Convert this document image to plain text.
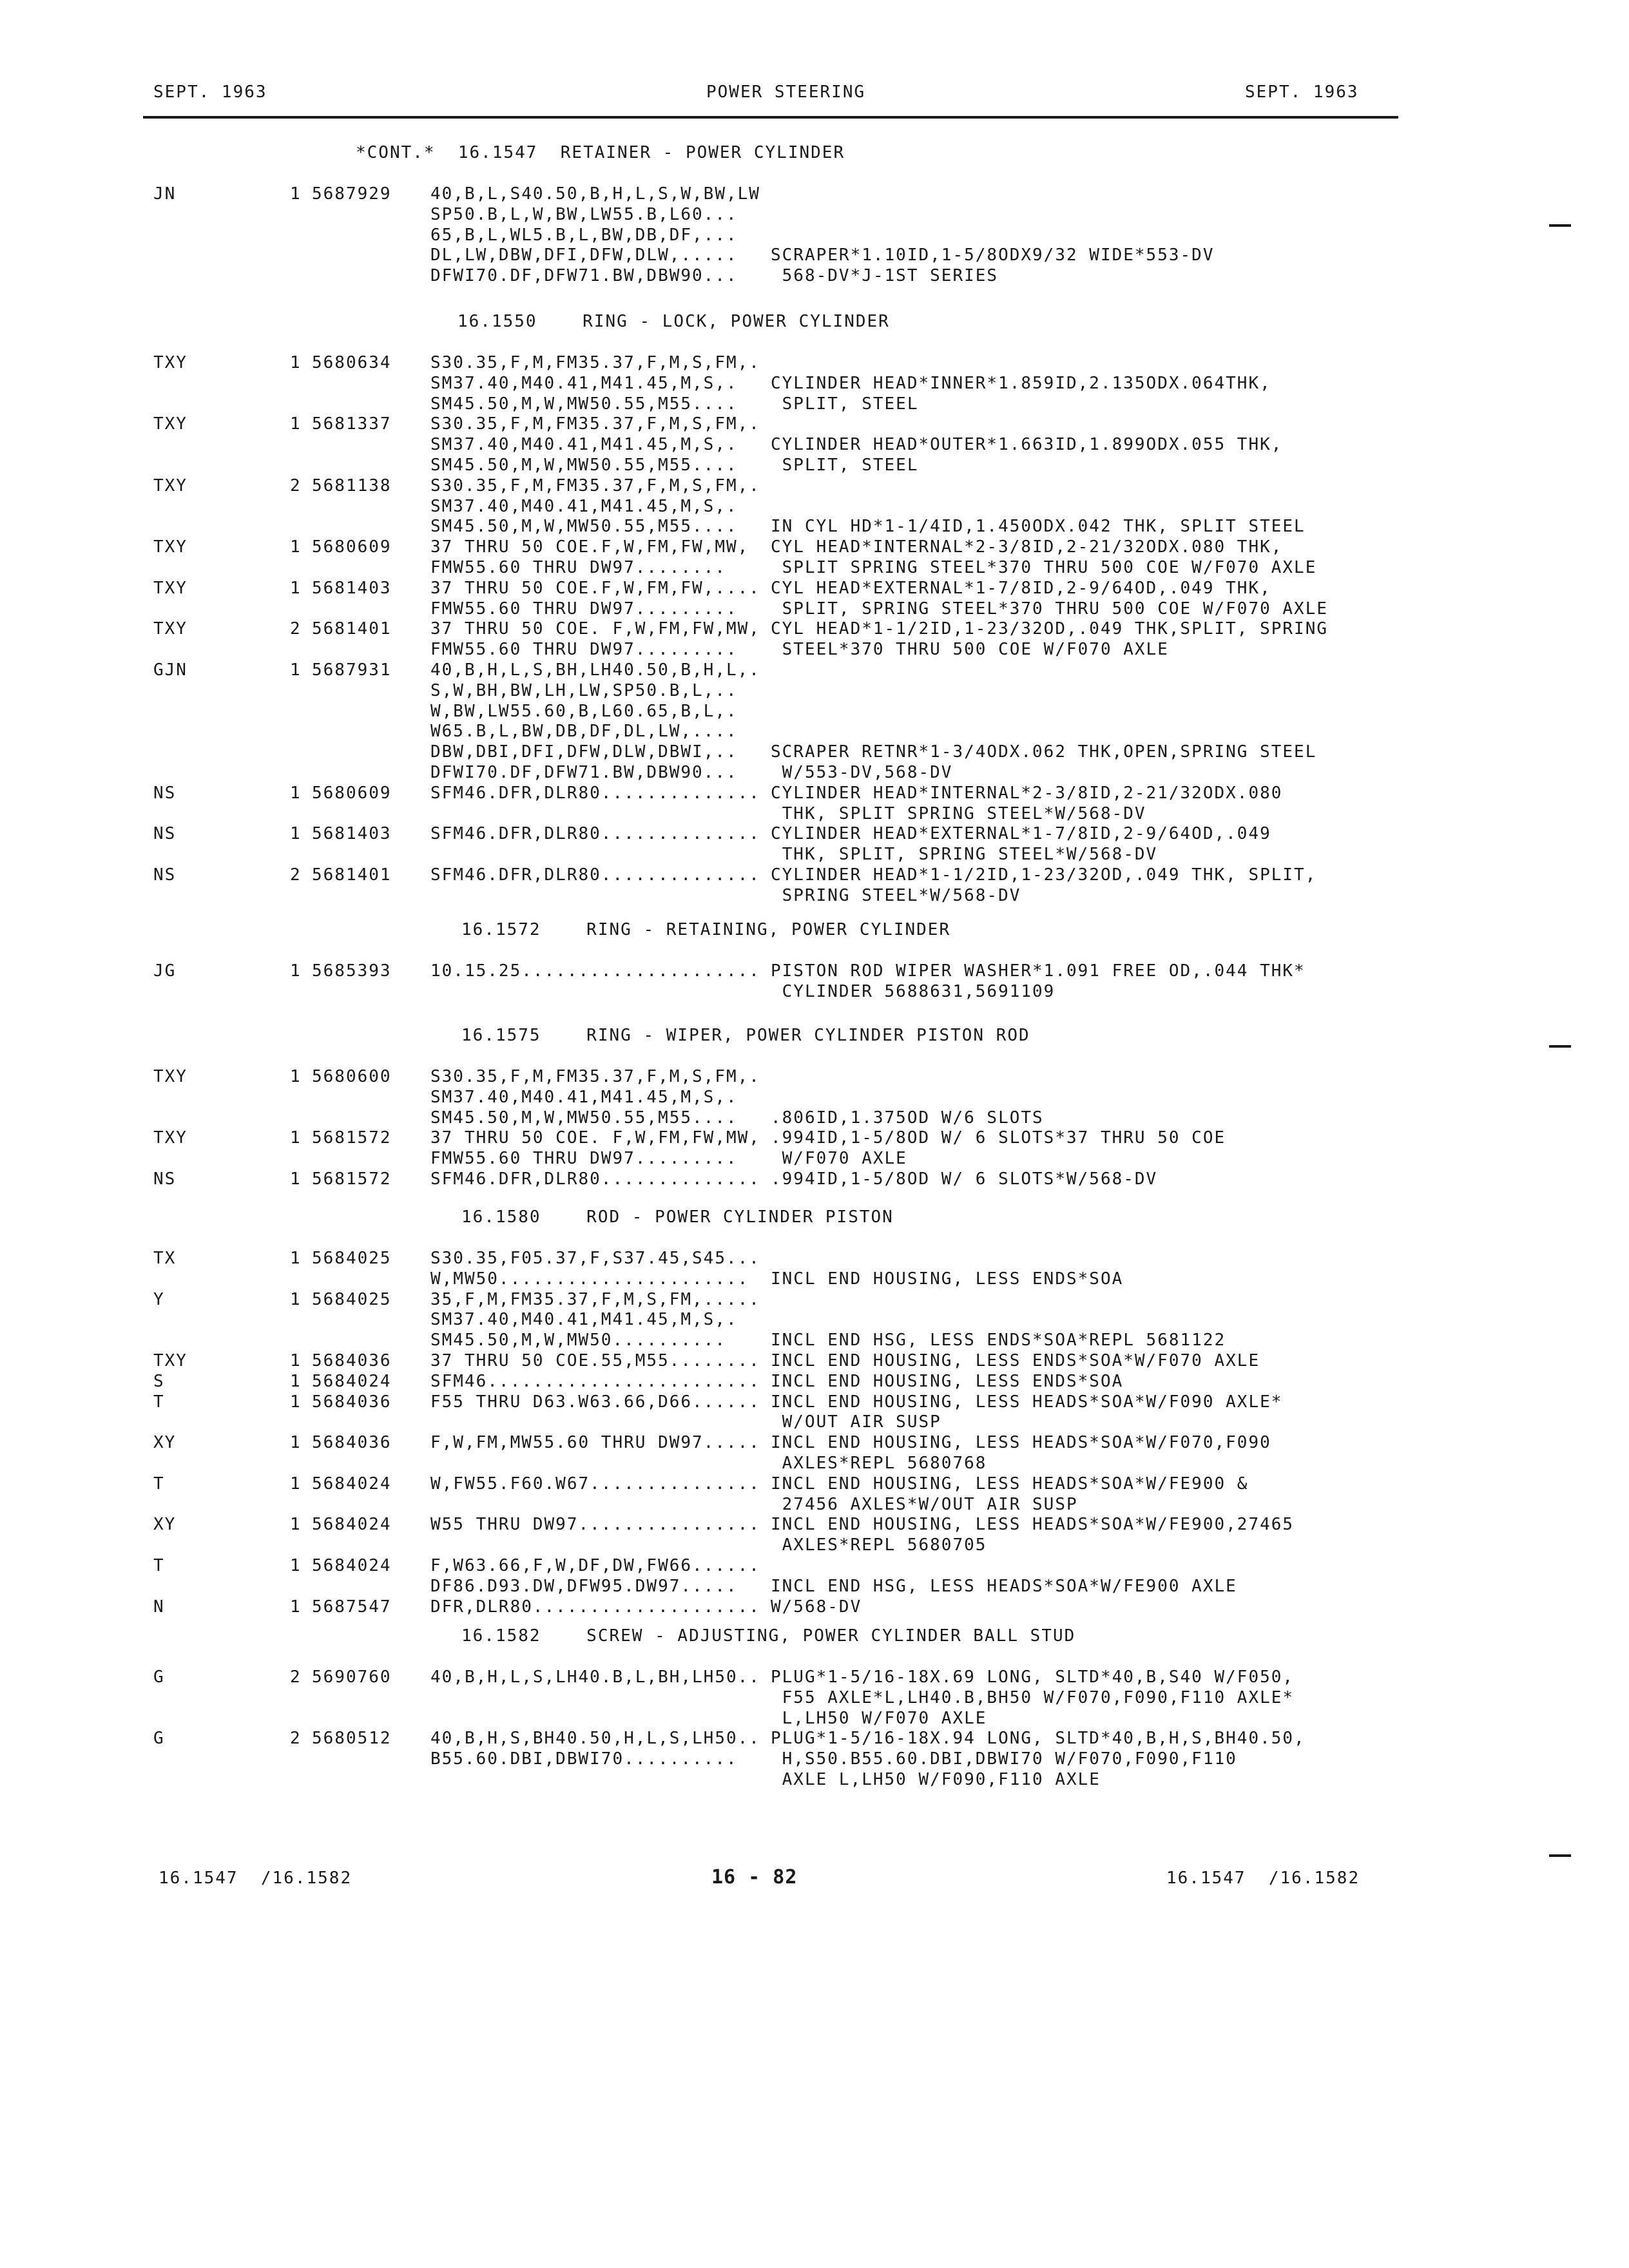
SEPT. 1963	POWER STEERING	SEPT. 1963
*CONT.*  16.1547  RETAINER - POWER CYLINDER
JN	1 5687929 40,B,L,S40.50,B,H,L,S,W,BW,LW
SP50.B,L,W,BW,LW55.B,L60...
65,B,L,WL5.B,L,BW,DB,DF,...
DL,LW,DBW,DFI,DFW,DLW,..... SCRAPER*1.10ID,1-5/8ODX9/32 WIDE*553-DV
DFWI70.DF,DFW71.BW,DBW90... 568-DV*J-1ST SERIES
16.1550    RING - LOCK, POWER CYLINDER
TXY	1 5680634 S30.35,F,M,FM35.37,F,M,S,FM,.
SM37.40,M40.41,M41.45,M,S,. CYLINDER HEAD*INNER*1.859ID,2.135ODX.064THK,
SM45.50,M,W,MW50.55,M55.... SPLIT, STEEL
TXY	1 5681337 S30.35,F,M,FM35.37,F,M,S,FM,.
SM37.40,M40.41,M41.45,M,S,. CYLINDER HEAD*OUTER*1.663ID,1.899ODX.055 THK,
SM45.50,M,W,MW50.55,M55.... SPLIT, STEEL
TXY	2 5681138 S30.35,F,M,FM35.37,F,M,S,FM,.
SM37.40,M40.41,M41.45,M,S,.
SM45.50,M,W,MW50.55,M55.... IN CYL HD*1-1/4ID,1.450ODX.042 THK, SPLIT STEEL
TXY	1 5680609 37 THRU 50 COE.F,W,FM,FW,MW, CYL HEAD*INTERNAL*2-3/8ID,2-21/32ODX.080 THK,
FMW55.60 THRU DW97........	SPLIT SPRING STEEL*370 THRU 500 COE W/F070 AXLE
TXY	1 5681403 37 THRU 50 COE.F,W,FM,FW,.... CYL HEAD*EXTERNAL*1-7/8ID,2-9/64OD,.049 THK,
FMW55.60 THRU DW97......... SPLIT, SPRING STEEL*370 THRU 500 COE W/F070 AXLE
TXY	2 5681401 37 THRU 50 COE. F,W,FM,FW,MW, CYL HEAD*1-1/2ID,1-23/32OD,.049 THK,SPLIT, SPRING
FMW55.60 THRU DW97......... STEEL*370 THRU 500 COE W/F070 AXLE
GJN	1 5687931 40,B,H,L,S,BH,LH40.50,B,H,L,.
S,W,BH,BW,LH,LW,SP50.B,L,..
W,BW,LW55.60,B,L60.65,B,L,.
W65.B,L,BW,DB,DF,DL,LW,....
DBW,DBI,DFI,DFW,DLW,DBWI,.. SCRAPER RETNR*1-3/4ODX.062 THK,OPEN,SPRING STEEL
DFWI70.DF,DFW71.BW,DBW90... W/553-DV,568-DV
NS	1 5680609 SFM46.DFR,DLR80.............. CYLINDER HEAD*INTERNAL*2-3/8ID,2-21/32ODX.080
THK, SPLIT SPRING STEEL*W/568-DV
NS	1 5681403 SFM46.DFR,DLR80.............. CYLINDER HEAD*EXTERNAL*1-7/8ID,2-9/64OD,.049
THK, SPLIT, SPRING STEEL*W/568-DV
NS	2 5681401 SFM46.DFR,DLR80.............. CYLINDER HEAD*1-1/2ID,1-23/32OD,.049 THK, SPLIT,
SPRING STEEL*W/568-DV
16.1572    RING - RETAINING, POWER CYLINDER
JG	1 5685393 10.15.25..................... PISTON ROD WIPER WASHER*1.091 FREE OD,.044 THK*
CYLINDER 5688631,5691109
16.1575    RING - WIPER, POWER CYLINDER PISTON ROD
TXY	1 5680600 S30.35,F,M,FM35.37,F,M,S,FM,.
SM37.40,M40.41,M41.45,M,S,.
SM45.50,M,W,MW50.55,M55.... .806ID,1.375OD W/6 SLOTS
TXY	1 5681572 37 THRU 50 COE. F,W,FM,FW,MW, .994ID,1-5/8OD W/ 6 SLOTS*37 THRU 50 COE
FMW55.60 THRU DW97......... W/F070 AXLE
NS	1 5681572 SFM46.DFR,DLR80.............. .994ID,1-5/8OD W/ 6 SLOTS*W/568-DV
16.1580    ROD - POWER CYLINDER PISTON
TX	1 5684025 S30.35,F05.37,F,S37.45,S45...
W,MW50...................... INCL END HOUSING, LESS ENDS*SOA
Y	1 5684025 35,F,M,FM35.37,F,M,S,FM,.....
SM37.40,M40.41,M41.45,M,S,.
SM45.50,M,W,MW50..........	INCL END HSG, LESS ENDS*SOA*REPL 5681122
TXY	1 5684036 37 THRU 50 COE.55,M55........ INCL END HOUSING, LESS ENDS*SOA*W/F070 AXLE
S	1 5684024 SFM46........................ INCL END HOUSING, LESS ENDS*SOA
T	1 5684036 F55 THRU D63.W63.66,D66...... INCL END HOUSING, LESS HEADS*SOA*W/F090 AXLE*
W/OUT AIR SUSP
XY	1 5684036 F,W,FM,MW55.60 THRU DW97..... INCL END HOUSING, LESS HEADS*SOA*W/F070,F090
AXLES*REPL 5680768
T	1 5684024 W,FW55.F60.W67............... INCL END HOUSING, LESS HEADS*SOA*W/FE900 &
27456 AXLES*W/OUT AIR SUSP
XY	1 5684024 W55 THRU DW97................ INCL END HOUSING, LESS HEADS*SOA*W/FE900,27465
AXLES*REPL 5680705
T	1 5684024 F,W63.66,F,W,DF,DW,FW66......
DF86.D93.DW,DFW95.DW97..... INCL END HSG, LESS HEADS*SOA*W/FE900 AXLE
N	1 5687547 DFR,DLR80.................... W/568-DV
16.1582    SCREW - ADJUSTING, POWER CYLINDER BALL STUD
G	2 5690760 40,B,H,L,S,LH40.B,L,BH,LH50.. PLUG*1-5/16-18X.69 LONG, SLTD*40,B,S40 W/F050,
F55 AXLE*L,LH40.B,BH50 W/F070,F090,F110 AXLE*
L,LH50 W/F070 AXLE
G	2 5680512 40,B,H,S,BH40.50,H,L,S,LH50.. PLUG*1-5/16-18X.94 LONG, SLTD*40,B,H,S,BH40.50,
B55.60.DBI,DBWI70.......... H,S50.B55.60.DBI,DBWI70 W/F070,F090,F110
AXLE L,LH50 W/F090,F110 AXLE
16.1547  /16.1582	16 - 82	16.1547  /16.1582
